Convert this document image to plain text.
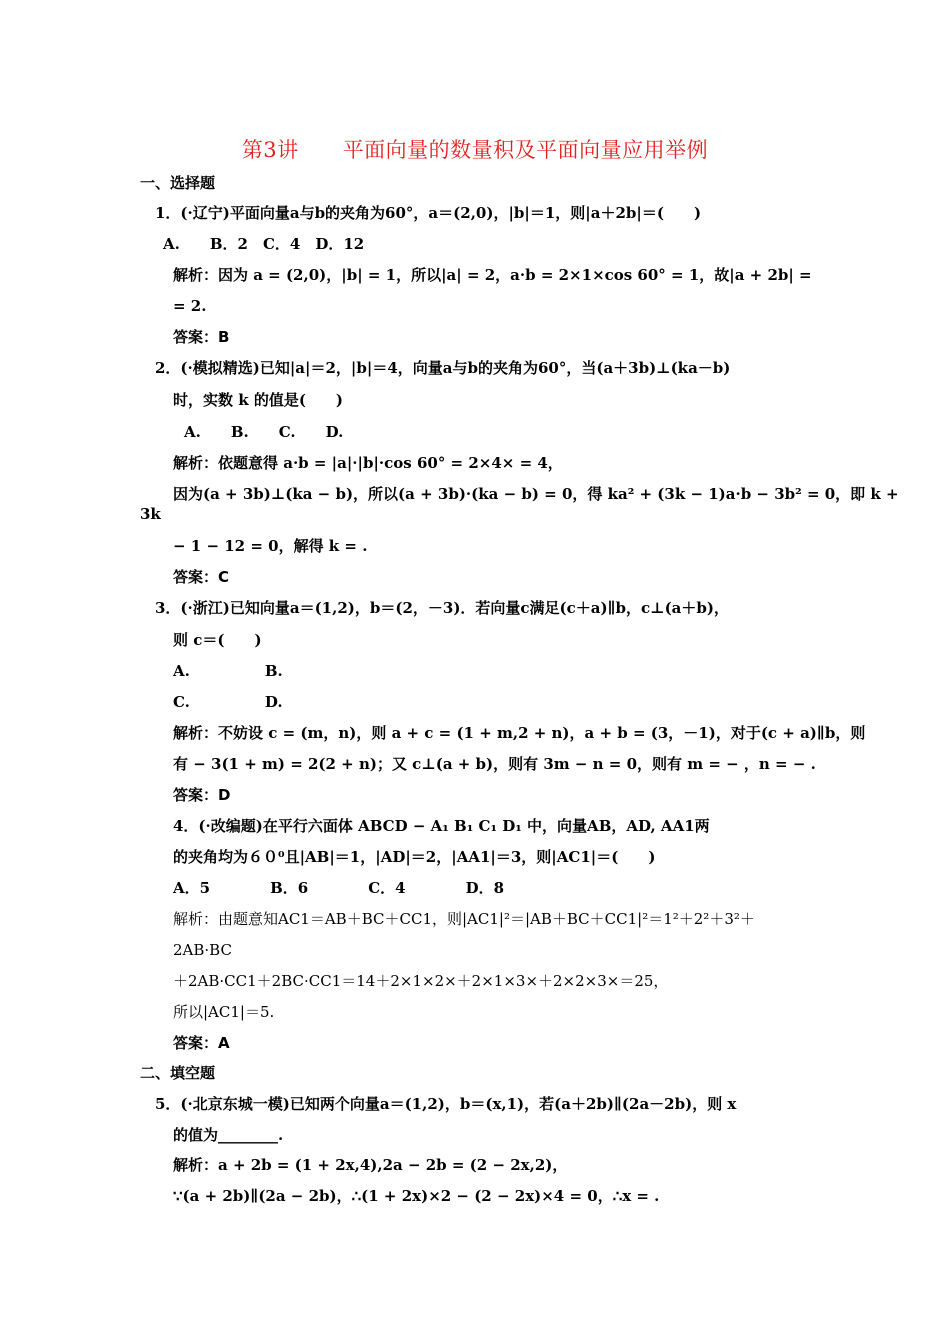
第3讲 平面向量的数量积及平面向量应用举例
一、选择题
1．(·辽宁)平面向量a与b的夹角为60°，a＝(2,0)，|b|＝1，则|a＋2b|＝(　　)
A.　　B．2　C．4　D．12
解析：因为 a = (2,0)，|b| = 1，所以|a| = 2，a·b = 2×1×cos 60° = 1，故|a + 2b| =
= 2.
答案：B
2．(·模拟精选)已知|a|＝2，|b|＝4，向量a与b的夹角为60°，当(a＋3b)⊥(ka－b)
时，实数 k 的值是(　　)
A.　　B.　　C.　　D.
解析：依题意得 a·b = |a|·|b|·cos 60° = 2×4× = 4，
因为(a + 3b)⊥(ka − b)，所以(a + 3b)·(ka − b) = 0，得 ka² + (3k − 1)a·b − 3b² = 0，即 k +
3k
− 1 − 12 = 0，解得 k = .
答案：C
3．(·浙江)已知向量a＝(1,2)，b＝(2，－3)．若向量c满足(c＋a)∥b，c⊥(a＋b)，
则 c＝(　　)
A.　　　　　B.
C.　　　　　D.
解析：不妨设 c = (m，n)，则 a + c = (1 + m,2 + n)，a + b = (3，－1)，对于(c + a)∥b，则
有 − 3(1 + m) = 2(2 + n)；又 c⊥(a + b)，则有 3m − n = 0，则有 m = − ，n = − .
答案：D
4．(·改编题)在平行六面体 ABCD − A₁ B₁ C₁ D₁ 中，向量AB，AD, AA1两
的夹角均为６０⁰且|AB|＝1，|AD|＝2，|AA1|＝3，则|AC1|＝(　　)
A．5　　　　B．6　　　　C．4　　　　D．8
解析：由题意知AC1＝AB＋BC＋CC1，则|AC1|²＝|AB＋BC＋CC1|²＝1²＋2²＋3²＋
2AB·BC
＋2AB·CC1＋2BC·CC1＝14＋2×1×2×＋2×1×3×＋2×2×3×＝25，
所以|AC1|＝5.
答案：A
二、填空题
5．(·北京东城一模)已知两个向量a＝(1,2)，b＝(x,1)，若(a＋2b)∥(2a－2b)，则 x
的值为________.
解析：a + 2b = (1 + 2x,4),2a − 2b = (2 − 2x,2)，
∵(a + 2b)∥(2a − 2b)，∴(1 + 2x)×2 − (2 − 2x)×4 = 0，∴x = .
